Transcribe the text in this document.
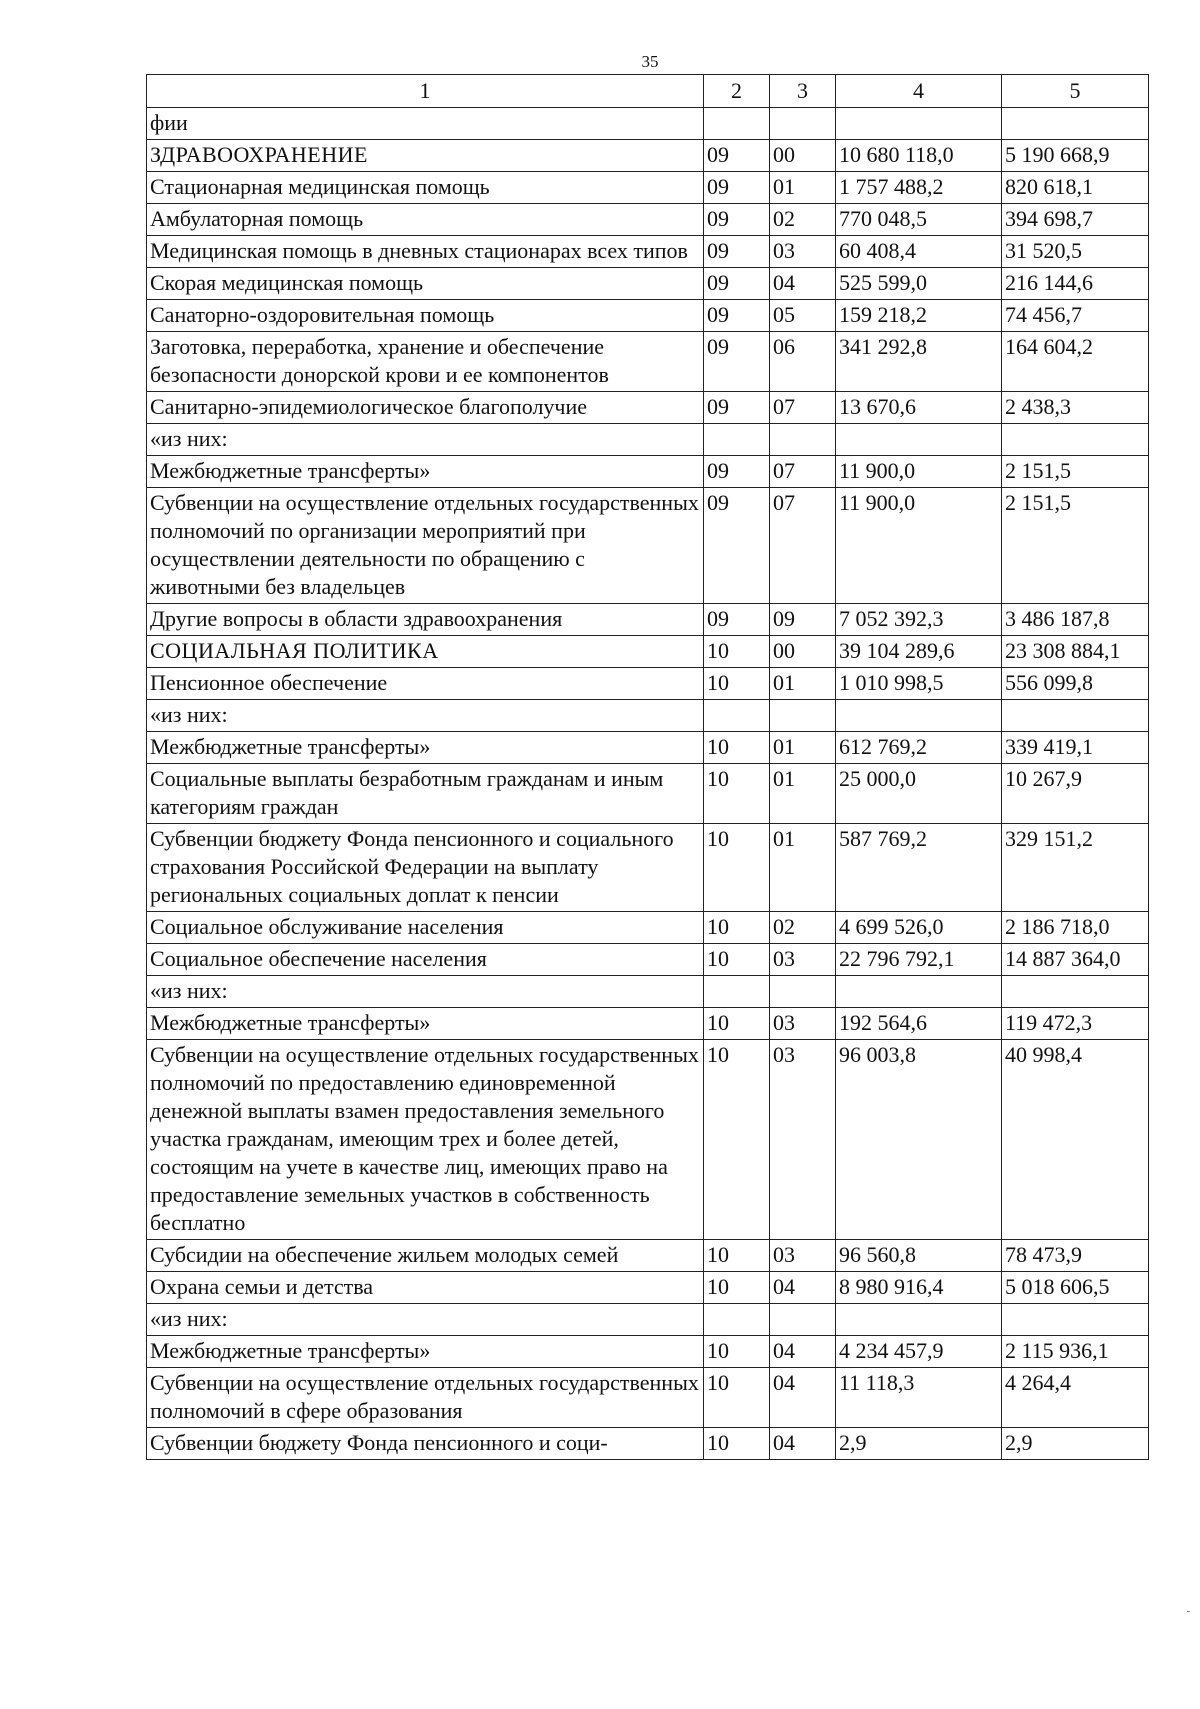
35
1	2	3	4	5
фии				
ЗДРАВООХРАНЕНИЕ	09	00	10 680 118,0	5 190 668,9
Стационарная медицинская помощь	09	01	1 757 488,2	820 618,1
Амбулаторная помощь	09	02	770 048,5	394 698,7
Медицинская помощь в дневных стационарах всех типов	09	03	60 408,4	31 520,5
Скорая медицинская помощь	09	04	525 599,0	216 144,6
Санаторно-оздоровительная помощь	09	05	159 218,2	74 456,7
Заготовка, переработка, хранение и обеспечение безопасности донорской крови и ее компонентов	09	06	341 292,8	164 604,2
Санитарно-эпидемиологическое благополучие	09	07	13 670,6	2 438,3
«из них:				
Межбюджетные трансферты»	09	07	11 900,0	2 151,5
Субвенции на осуществление отдельных государственных полномочий по организации мероприятий при осуществлении деятельности по обращению с животными без владельцев	09	07	11 900,0	2 151,5
Другие вопросы в области здравоохранения	09	09	7 052 392,3	3 486 187,8
СОЦИАЛЬНАЯ ПОЛИТИКА	10	00	39 104 289,6	23 308 884,1
Пенсионное обеспечение	10	01	1 010 998,5	556 099,8
«из них:				
Межбюджетные трансферты»	10	01	612 769,2	339 419,1
Социальные выплаты безработным гражданам и иным категориям граждан	10	01	25 000,0	10 267,9
Субвенции бюджету Фонда пенсионного и социального страхования Российской Федерации на выплату региональных социальных доплат к пенсии	10	01	587 769,2	329 151,2
Социальное обслуживание населения	10	02	4 699 526,0	2 186 718,0
Социальное обеспечение населения	10	03	22 796 792,1	14 887 364,0
«из них:				
Межбюджетные трансферты»	10	03	192 564,6	119 472,3
Субвенции на осуществление отдельных государственных полномочий по предоставлению единовременной денежной выплаты взамен предоставления земельного участка гражданам, имеющим трех и более детей, состоящим на учете в качестве лиц, имеющих право на предоставление земельных участков в собственность бесплатно	10	03	96 003,8	40 998,4
Субсидии на обеспечение жильем молодых семей	10	03	96 560,8	78 473,9
Охрана семьи и детства	10	04	8 980 916,4	5 018 606,5
«из них:				
Межбюджетные трансферты»	10	04	4 234 457,9	2 115 936,1
Субвенции на осуществление отдельных государственных полномочий в сфере образования	10	04	11 118,3	4 264,4
Субвенции бюджету Фонда пенсионного и соци-	10	04	2,9	2,9
-
